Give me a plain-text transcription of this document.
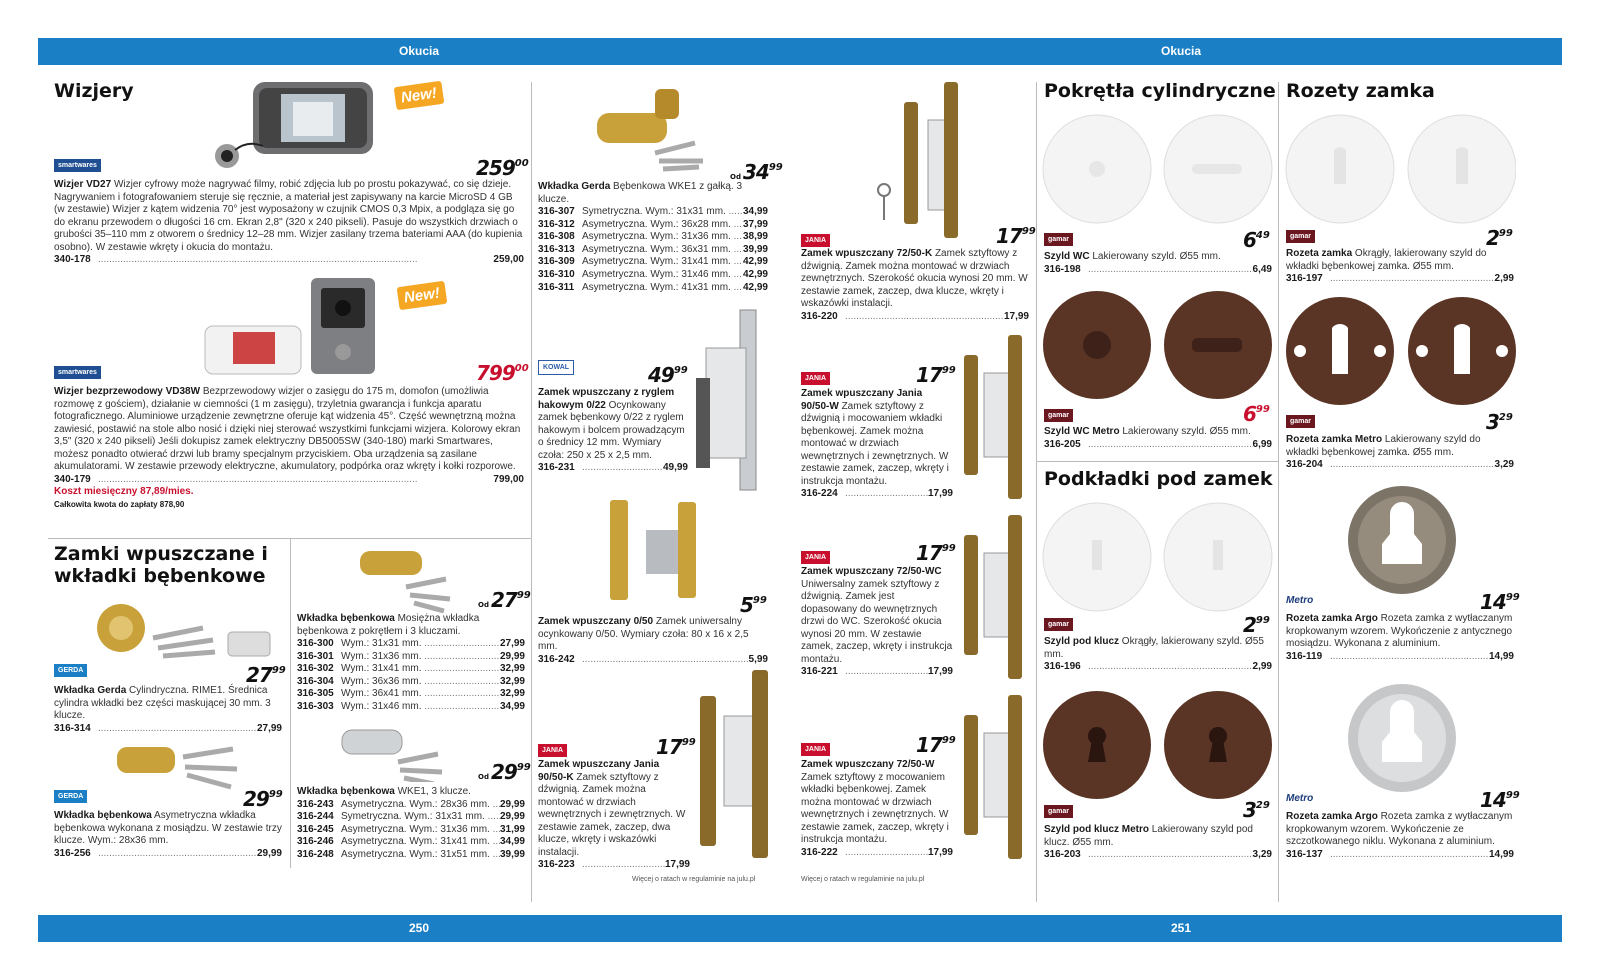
Okucia	Okucia
Wizjery	New!
smartwares	$259^{00}$
Wizjer VD27 Wizjer cyfrowy może nagrywać filmy, robić zdjęcia lub po prostu pokazywać, co się dzieje. Nagrywaniem i fotografowaniem steruje się ręcznie, a materiał jest zapisywany na karcie MicroSD 4 GB (w zestawie) Wizjer z kątem widzenia 70° jest wyposażony w czujnik CMOS 0,3 Mpix, a podgląza się go do ekranu przewodem o długości 16 cm. Ekran 2,8" (320 x 240 pikseli). Pasuje do wszystkich drzwiach o grubości 35–110 mm z otworem o średnicy 12–28 mm. Wizjer zasilany trzema bateriami AAA (do kupienia osobno). W zestawie wkręty i okucia do montażu.
340-178 .....	259,00
New!
smartwares	$799^{00}$
Wizjer bezprzewodowy VD38W Bezprzewodowy wizjer o zasięgu do 175 m, domofon (umożliwia rozmowę z gościem), działanie w ciemności (1 m zasięgu), trzyletnia gwarancja i funkcja aparatu fotograficznego. Aluminiowe urządzenie zewnętrzne oferuje kąt widzenia 45°. Część wewnętrzną można zawiesić, postawić na stole albo nosić i dzięki niej sterować wszystkimi funkcjami wizjera. Kolorowy ekran 3,5" (320 x 240 pikseli) Jeśli dokupisz zamek elektryczny DB5005SW (340-180) marki Smartwares, możesz ponadto otwierać drzwi lub bramy specjalnym przyciskiem. Oba urządzenia są zasilane akumulatorami. W zestawie przewody elektryczne, akumulatory, podpórka oraz wkręty i kołki rozporowe.
340-179 .....	799,00
Koszt miesięczny 87,89/mies.
Całkowita kwota do zapłaty 878,90
Zamki wpuszczane i wkładki bębenkowe
GERDA	$27^{99}$
Wkładka Gerda Cylindryczna. RIME1. Średnica cylindra wkładki bez części maskującej 30 mm. 3 klucze.
316-314 .....	27,99
GERDA	$29^{99}$
Wkładka bębenkowa Asymetryczna wkładka bębenkowa wykonana z mosiądzu. W zestawie trzy klucze. Wym.: 28x36 mm.
316-256 .....	29,99
Od $27^{99}$
Wkładka bębenkowa Mosiężna wkładka bębenkowa z pokrętłem i 3 kluczami.
316-300 Wym.: 31x31 mm. .....	27,99
316-301 Wym.: 31x36 mm. .....	29,99
316-302 Wym.: 31x41 mm. .....	32,99
316-304 Wym.: 36x36 mm. .....	32,99
316-305 Wym.: 36x41 mm. .....	32,99
316-303 Wym.: 31x46 mm. .....	34,99
Od $29^{99}$
Wkładka bębenkowa WKE1, 3 klucze.
316-243 Asymetryczna. Wym.: 28x36 mm. .....	29,99
316-244 Symetryczna. Wym.: 31x31 mm. .....	29,99
316-245 Asymetryczna. Wym.: 31x36 mm. .....	31,99
316-246 Asymetryczna. Wym.: 31x41 mm. .....	34,99
316-248 Asymetryczna. Wym.: 31x51 mm. .....	39,99
Od $34^{99}$
Wkładka Gerda Bębenkowa WKE1 z gałką. 3 klucze.
316-307 Symetryczna. Wym.: 31x31 mm. .....	34,99
316-312 Asymetryczna. Wym.: 36x28 mm. .....	37,99
316-308 Asymetryczna. Wym.: 31x36 mm. .....	38,99
316-313 Asymetryczna. Wym.: 36x31 mm. .....	39,99
316-309 Asymetryczna. Wym.: 31x41 mm. .....	42,99
316-310 Asymetryczna. Wym.: 31x46 mm. .....	42,99
316-311 Asymetryczna. Wym.: 41x31 mm. .....	42,99
KOWAL	$49^{99}$
Zamek wpuszczany z ryglem hakowym 0/22 Ocynkowany zamek bębenkowy 0/22 z ryglem hakowym i bolcem prowadzącym o średnicy 12 mm. Wymiary czoła: 250 x 25 x 2,5 mm.
316-231 .....	49,99
$5^{99}$
Zamek wpuszczany 0/50 Zamek uniwersalny ocynkowany 0/50. Wymiary czoła: 80 x 16 x 2,5 mm.
316-242 .....	5,99
JANIA	$17^{99}$
Zamek wpuszczany Jania 90/50-K Zamek sztyftowy z dźwignią. Zamek można montować w drzwiach wewnętrznych i zewnętrznych. W zestawie zamek, zaczep, dwa klucze, wkręty i wskazówki instalacji.
316-223 .....	17,99
Więcej o ratach w regulaminie na julu.pl
JANIA	$17^{99}$
Zamek wpuszczany 72/50-K Zamek sztyftowy z dźwignią. Zamek można montować w drzwiach zewnętrznych. Szerokość okucia wynosi 20 mm. W zestawie zamek, zaczep, dwa klucze, wkręty i wskazówki instalacji.
316-220 .....	17,99
JANIA	$17^{99}$
Zamek wpuszczany Jania 90/50-W Zamek sztyftowy z dźwignią i mocowaniem wkładki bębenkowej. Zamek można montować w drzwiach wewnętrznych i zewnętrznych. W zestawie zamek, zaczep, wkręty i instrukcja montażu.
316-224 .....	17,99
JANIA	$17^{99}$
Zamek wpuszczany 72/50-WC Uniwersalny zamek sztyftowy z dźwignią. Zamek jest dopasowany do wewnętrznych drzwi do WC. Szerokość okucia wynosi 20 mm. W zestawie zamek, zaczep, wkręty i instrukcja montażu.
316-221 .....	17,99
JANIA	$17^{99}$
Zamek wpuszczany 72/50-W Zamek sztyftowy z mocowaniem wkładki bębenkowej. Zamek można montować w drzwiach wewnętrznych i zewnętrznych. W zestawie zamek, zaczep, wkręty i instrukcja montażu.
316-222 .....	17,99
Więcej o ratach w regulaminie na julu.pl
Pokrętła cylindryczne
gamar	$6^{49}$
Szyld WC Lakierowany szyld. Ø55 mm.
316-198 .....	6,49
gamar	$6^{99}$
Szyld WC Metro Lakierowany szyld. Ø55 mm.
316-205 .....	6,99
Podkładki pod zamek
gamar	$2^{99}$
Szyld pod klucz Okrągły, lakierowany szyld. Ø55 mm.
316-196 .....	2,99
gamar	$3^{29}$
Szyld pod klucz Metro Lakierowany szyld pod klucz. Ø55 mm.
316-203 .....	3,29
Rozety zamka
gamar	$2^{99}$
Rozeta zamka Okrągły, lakierowany szyld do wkładki bębenkowej zamka. Ø55 mm.
316-197 .....	2,99
gamar	$3^{29}$
Rozeta zamka Metro Lakierowany szyld do wkładki bębenkowej zamka. Ø55 mm.
316-204 .....	3,29
Metro	$14^{99}$
Rozeta zamka Argo Rozeta zamka z wytłaczanym kropkowanym wzorem. Wykończenie z antycznego mosiądzu. Wykonana z aluminium.
316-119 .....	14,99
Metro	$14^{99}$
Rozeta zamka Argo Rozeta zamka z wytłaczanym kropkowanym wzorem. Wykończenie ze szczotkowanego niklu. Wykonana z aluminium.
316-137 .....	14,99
250	251
